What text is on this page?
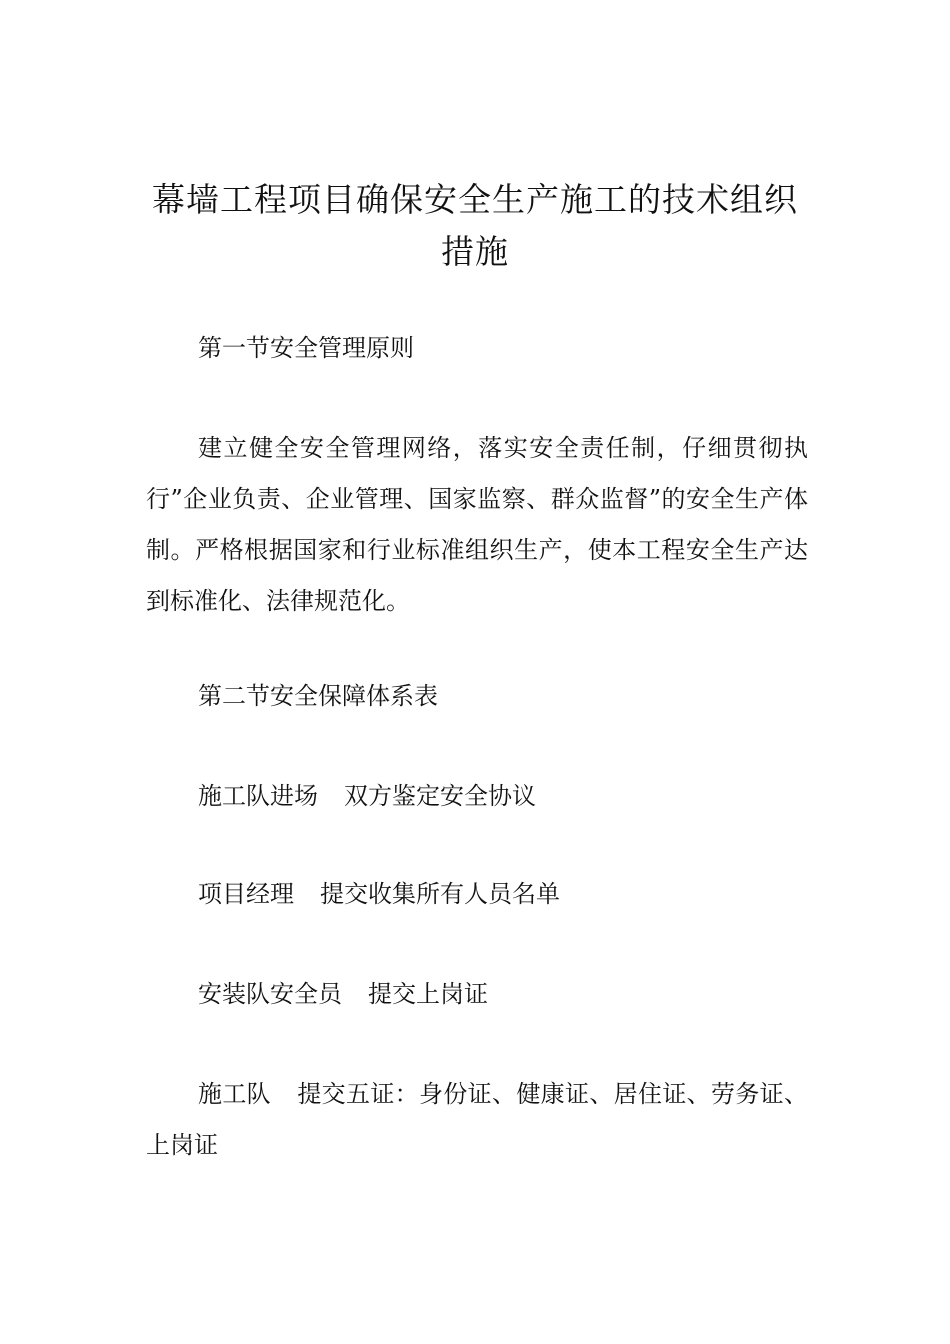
幕墙工程项目确保安全生产施工的技术组织措施

第一节安全管理原则

建立健全安全管理网络，落实安全责任制，仔细贯彻执行”企业负责、企业管理、国家监察、群众监督”的安全生产体制。严格根据国家和行业标准组织生产，使本工程安全生产达到标准化、法律规范化。

第二节安全保障体系表

施工队进场 双方鉴定安全协议

项目经理 提交收集所有人员名单

安装队安全员 提交上岗证

施工队 提交五证：身份证、健康证、居住证、劳务证、上岗证
